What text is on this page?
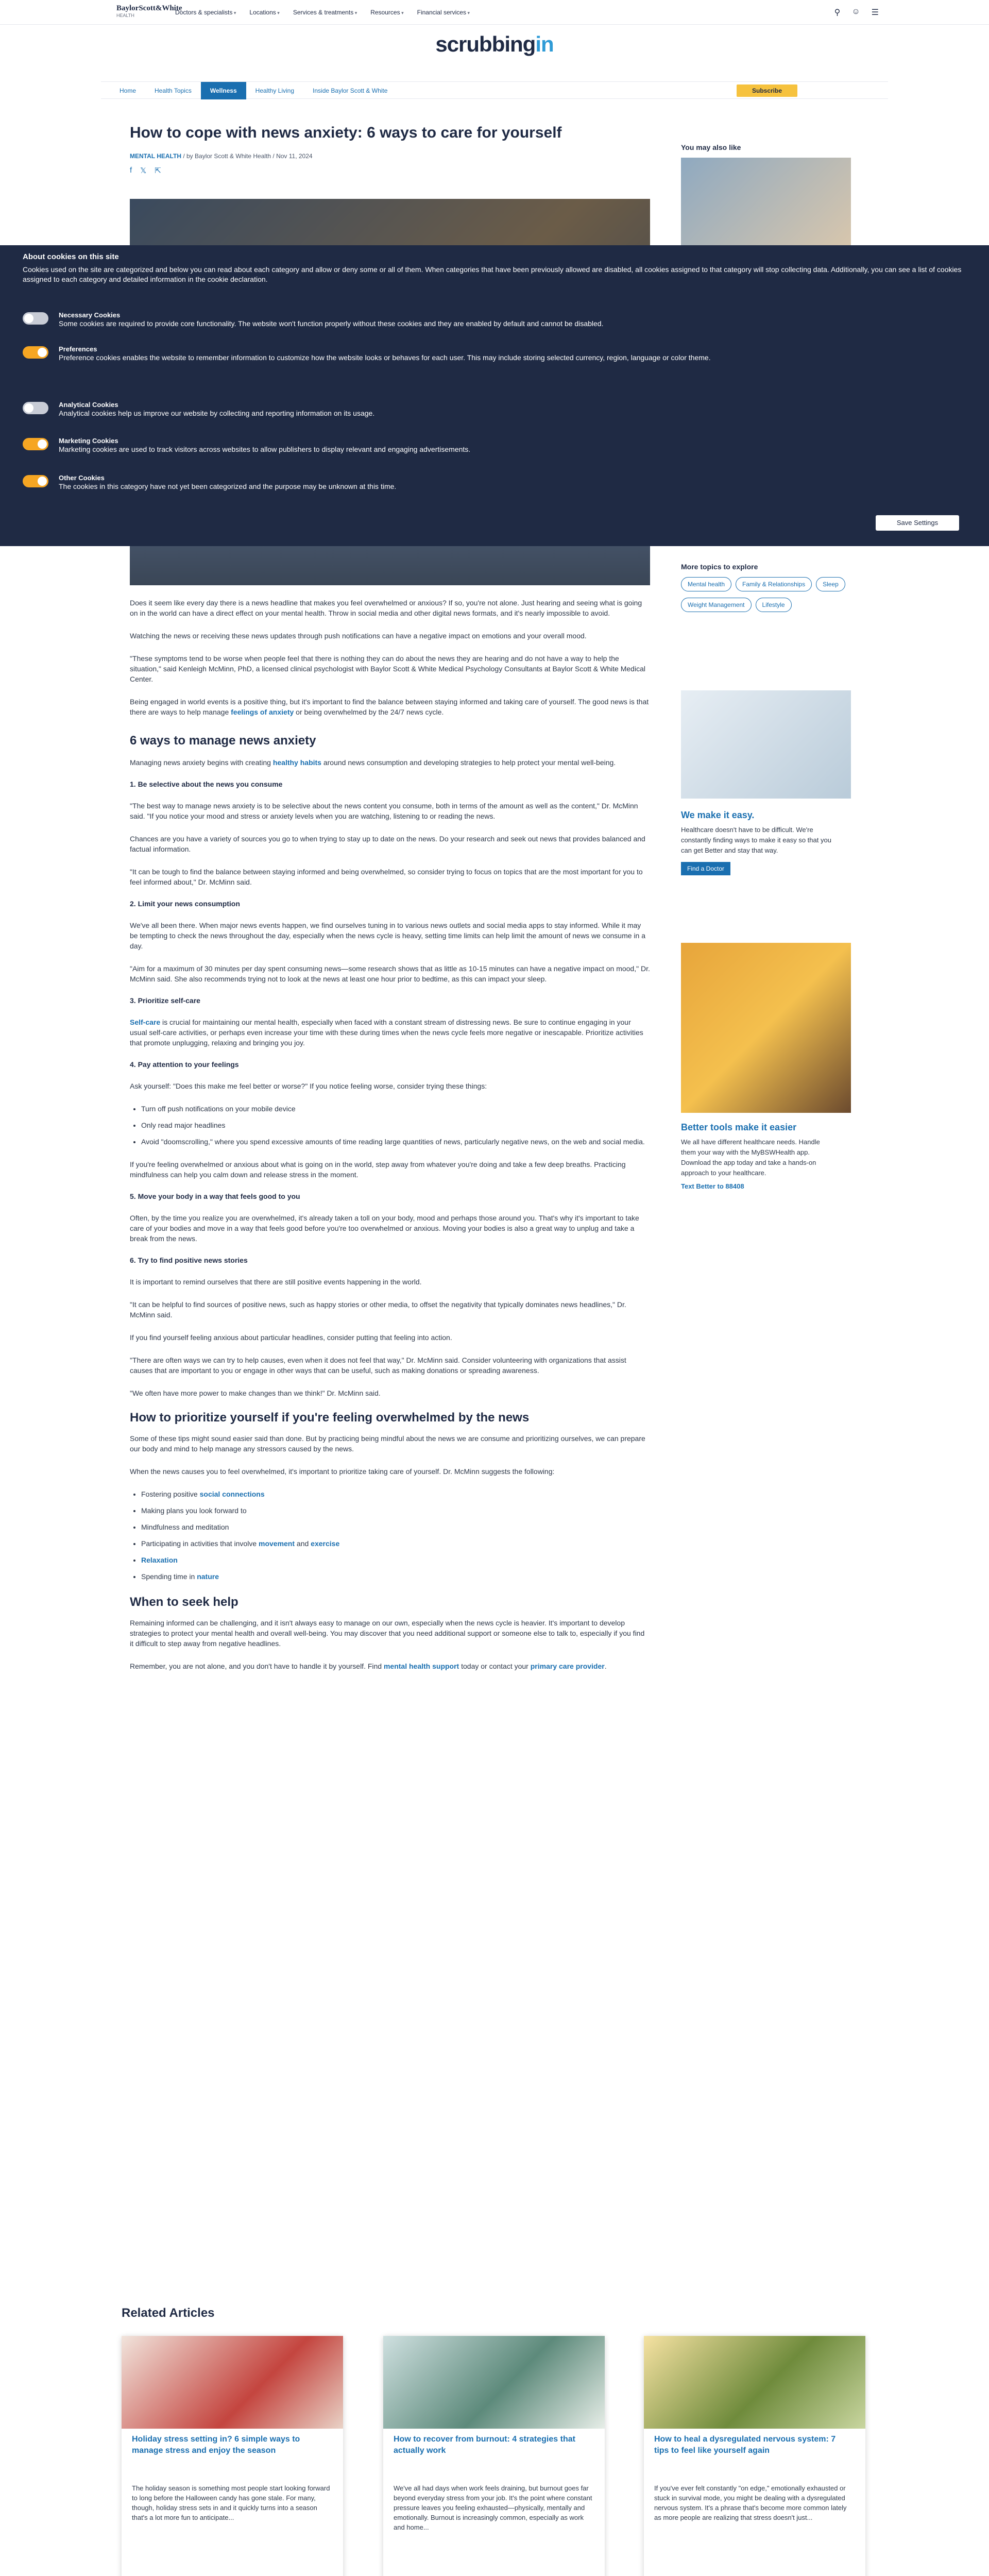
BaylorScott&White
HEALTH	Doctors & specialists ▾	Locations ▾	Services & treatments ▾	Resources ▾	Financial services ▾	⚲ ☺ ☰
scrubbingin
Home	Health Topics	Wellness	Healthy Living	Inside Baylor Scott & White	Subscribe
How to cope with news anxiety: 6 ways to care for yourself
MENTAL HEALTH / by Baylor Scott & White Health / Nov 11, 2024
f 𝕏 ⇱
You may also like
About cookies on this site
Cookies used on the site are categorized and below you can read about each category and allow or deny some or all of them. When categories that have been previously allowed are disabled, all cookies assigned to that category will stop collecting data. Additionally, you can see a list of cookies assigned to each category and detailed information in the cookie declaration.
Necessary Cookies
Some cookies are required to provide core functionality. The website won't function properly without these cookies and they are enabled by default and cannot be disabled.
Preferences
Preference cookies enables the website to remember information to customize how the website looks or behaves for each user. This may include storing selected currency, region, language or color theme.
Analytical Cookies
Analytical cookies help us improve our website by collecting and reporting information on its usage.
Marketing Cookies
Marketing cookies are used to track visitors across websites to allow publishers to display relevant and engaging advertisements.
Other Cookies
The cookies in this category have not yet been categorized and the purpose may be unknown at this time.
Save Settings
More topics to explore
Mental health	Family & Relationships	SleepWeight Management	Lifestyle
We make it easy.
Healthcare doesn't have to be difficult. We're constantly finding ways to make it easy so that you can get Better and stay that way.
Find a Doctor
Better tools make it easier
We all have different healthcare needs. Handle them your way with the MyBSWHealth app. Download the app today and take a hands-on approach to your healthcare.
Text Better to 88408

Does it seem like every day there is a news headline that makes you feel overwhelmed or anxious? If so, you're not alone. Just hearing and seeing what is going on in the world can have a direct effect on your mental health. Throw in social media and other digital news formats, and it's nearly impossible to avoid.

Watching the news or receiving these news updates through push notifications can have a negative impact on emotions and your overall mood.

"These symptoms tend to be worse when people feel that there is nothing they can do about the news they are hearing and do not have a way to help the situation," said Kenleigh McMinn, PhD, a licensed clinical psychologist with Baylor Scott & White Medical Psychology Consultants at Baylor Scott & White Medical Center.

Being engaged in world events is a positive thing, but it's important to find the balance between staying informed and taking care of yourself. The good news is that there are ways to help manage feelings of anxiety or being overwhelmed by the 24/7 news cycle.

6 ways to manage news anxiety

Managing news anxiety begins with creating healthy habits around news consumption and developing strategies to help protect your mental well-being.

1. Be selective about the news you consume

"The best way to manage news anxiety is to be selective about the news content you consume, both in terms of the amount as well as the content," Dr. McMinn said. "If you notice your mood and stress or anxiety levels when you are watching, listening to or reading the news.

Chances are you have a variety of sources you go to when trying to stay up to date on the news. Do your research and seek out news that provides balanced and factual information.

"It can be tough to find the balance between staying informed and being overwhelmed, so consider trying to focus on topics that are the most important for you to feel informed about," Dr. McMinn said.

2. Limit your news consumption

We've all been there. When major news events happen, we find ourselves tuning in to various news outlets and social media apps to stay informed. While it may be tempting to check the news throughout the day, especially when the news cycle is heavy, setting time limits can help limit the amount of news we consume in a day.

"Aim for a maximum of 30 minutes per day spent consuming news—some research shows that as little as 10-15 minutes can have a negative impact on mood," Dr. McMinn said. She also recommends trying not to look at the news at least one hour prior to bedtime, as this can impact your sleep.

3. Prioritize self-care

Self-care is crucial for maintaining our mental health, especially when faced with a constant stream of distressing news. Be sure to continue engaging in your usual self-care activities, or perhaps even increase your time with these during times when the news cycle feels more negative or inescapable. Prioritize activities that promote unplugging, relaxing and bringing you joy.

4. Pay attention to your feelings

Ask yourself: "Does this make me feel better or worse?" If you notice feeling worse, consider trying these things:

• Turn off push notifications on your mobile device
• Only read major headlines
• Avoid "doomscrolling," where you spend excessive amounts of time reading large quantities of news, particularly negative news, on the web and social media.

If you're feeling overwhelmed or anxious about what is going on in the world, step away from whatever you're doing and take a few deep breaths. Practicing mindfulness can help you calm down and release stress in the moment.

5. Move your body in a way that feels good to you

Often, by the time you realize you are overwhelmed, it's already taken a toll on your body, mood and perhaps those around you. That's why it's important to take care of your bodies and move in a way that feels good before you're too overwhelmed or anxious. Moving your bodies is also a great way to unplug and take a break from the news.

6. Try to find positive news stories

It is important to remind ourselves that there are still positive events happening in the world.

"It can be helpful to find sources of positive news, such as happy stories or other media, to offset the negativity that typically dominates news headlines," Dr. McMinn said.

If you find yourself feeling anxious about particular headlines, consider putting that feeling into action.

"There are often ways we can try to help causes, even when it does not feel that way," Dr. McMinn said. Consider volunteering with organizations that assist causes that are important to you or engage in other ways that can be useful, such as making donations or spreading awareness.

"We often have more power to make changes than we think!" Dr. McMinn said.

How to prioritize yourself if you're feeling overwhelmed by the news

Some of these tips might sound easier said than done. But by practicing being mindful about the news we are consume and prioritizing ourselves, we can prepare our body and mind to help manage any stressors caused by the news.

When the news causes you to feel overwhelmed, it's important to prioritize taking care of yourself. Dr. McMinn suggests the following:

• Fostering positive social connections
• Making plans you look forward to
• Mindfulness and meditation
• Participating in activities that involve movement and exercise
• Relaxation
• Spending time in nature
When to seek help

Remaining informed can be challenging, and it isn't always easy to manage on our own, especially when the news cycle is heavier. It's important to develop strategies to protect your mental health and overall well-being. You may discover that you need additional support or someone else to talk to, especially if you find it difficult to step away from negative headlines.

Remember, you are not alone, and you don't have to handle it by yourself. Find mental health support today or contact your primary care provider.

Related Articles
Holiday stress setting in? 6 simple ways to manage stress and enjoy the season
The holiday season is something most people start looking forward to long before the Halloween candy has gone stale. For many, though, holiday stress sets in and it quickly turns into a season that's a lot more fun to anticipate...
How to recover from burnout: 4 strategies that actually work
We've all had days when work feels draining, but burnout goes far beyond everyday stress from your job. It's the point where constant pressure leaves you feeling exhausted—physically, mentally and emotionally. Burnout is increasingly common, especially as work and home...
How to heal a dysregulated nervous system: 7 tips to feel like yourself again
If you've ever felt constantly "on edge," emotionally exhausted or stuck in survival mode, you might be dealing with a dysregulated nervous system. It's a phrase that's become more common lately as more people are realizing that stress doesn't just...
